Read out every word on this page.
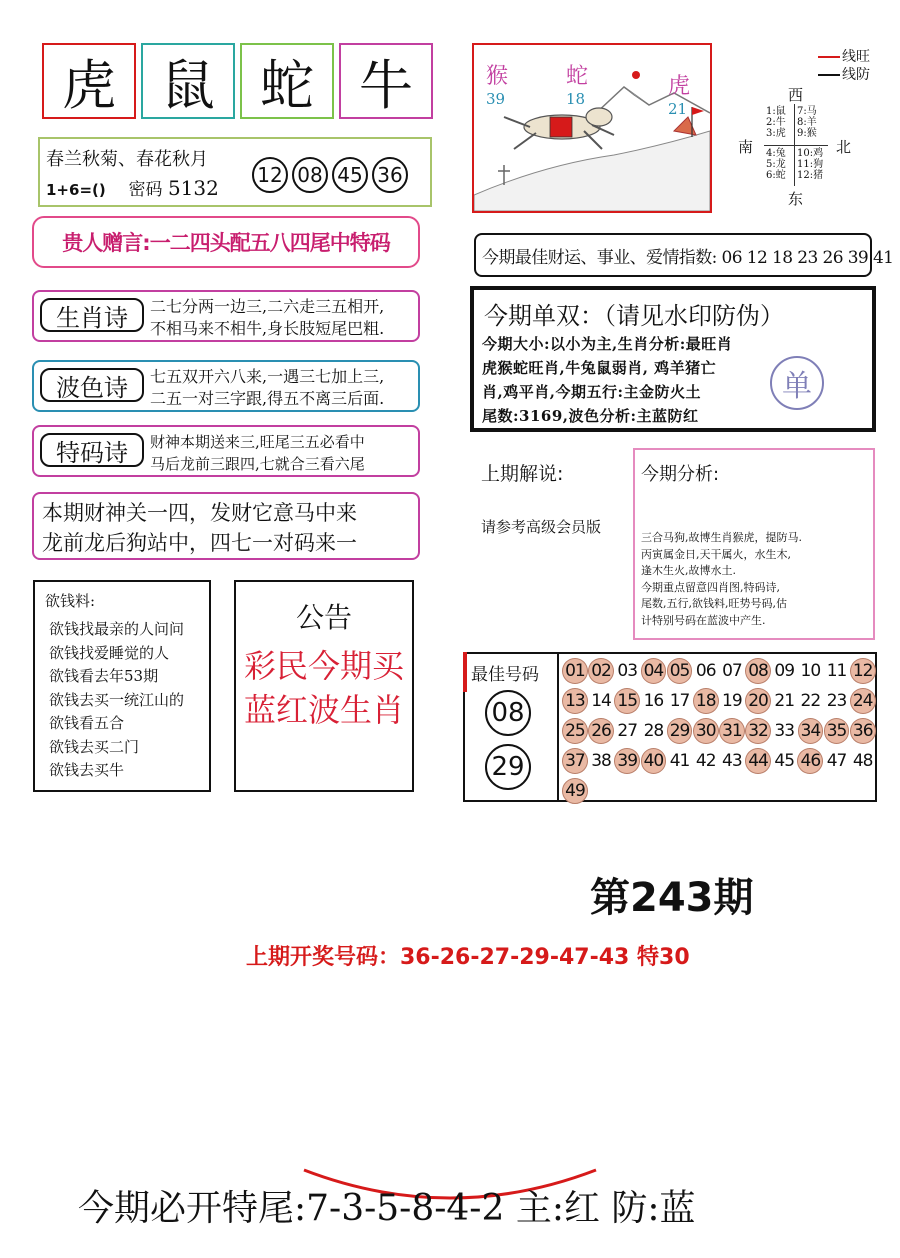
虎 鼠 蛇 牛
春兰秋菊、春花秋月
1+6=() 密码 5132
12 08 45 36
贵人赠言:一二四头配五八四尾中特码
生肖诗	二七分两一边三,二六走三五相开,
不相马来不相牛,身长肢短尾巴粗.
波色诗	七五双开六八来,一遇三七加上三,
二五一对三字跟,得五不离三后面.
特码诗	财神本期送来三,旺尾三五必看中
马后龙前三跟四,七就合三看六尾
本期财神关一四，发财它意马中来
龙前龙后狗站中，四七一对码来一
欲钱料:
欲钱找最亲的人问问
欲钱找爱睡觉的人
欲钱看去年53期
欲钱去买一统江山的
欲钱看五合
欲钱去买二门
欲钱去买牛
公告
彩民今期买
蓝红波生肖
猴
39
蛇
18	虎
21
线旺
线防
西
南	北
东
1:鼠
2:牛
3:虎
7:马
8:羊
9:猴
4:兔
5:龙
6:蛇
10:鸡
11:狗
12:猪
今期最佳财运、事业、爱情指数: 06 12 18 23 26 39 41
今期单双：（请见水印防伪）
单
今期大小:以小为主,生肖分析:最旺肖
虎猴蛇旺肖,牛兔鼠弱肖, 鸡羊猪亡
肖,鸡平肖,今期五行:主金防火土
尾数:3169,波色分析:主蓝防红
上期解说:
请参考高级会员版
今期分析:
三合马狗,故博生肖猴虎，提防马.
丙寅属金日,天干属火，水生木,
逢木生火,故博水土.
今期重点留意四肖图,特码诗,
尾数,五行,欲钱料,旺势号码,估
计特别号码在蓝波中产生.
最佳号码
08
29
01 02 03 04 05 06 07 08 09 10 11 12
13 14 15 16 17 18 19 20 21 22 23 24
25 26 27 28 29 30 31 32 33 34 35 36
37 38 39 40 41 42 43 44 45 46 47 48
49
第243期
上期开奖号码：36-26-27-29-47-43 特30
今期必开特尾:7-3-5-8-4-2 主:红 防:蓝
